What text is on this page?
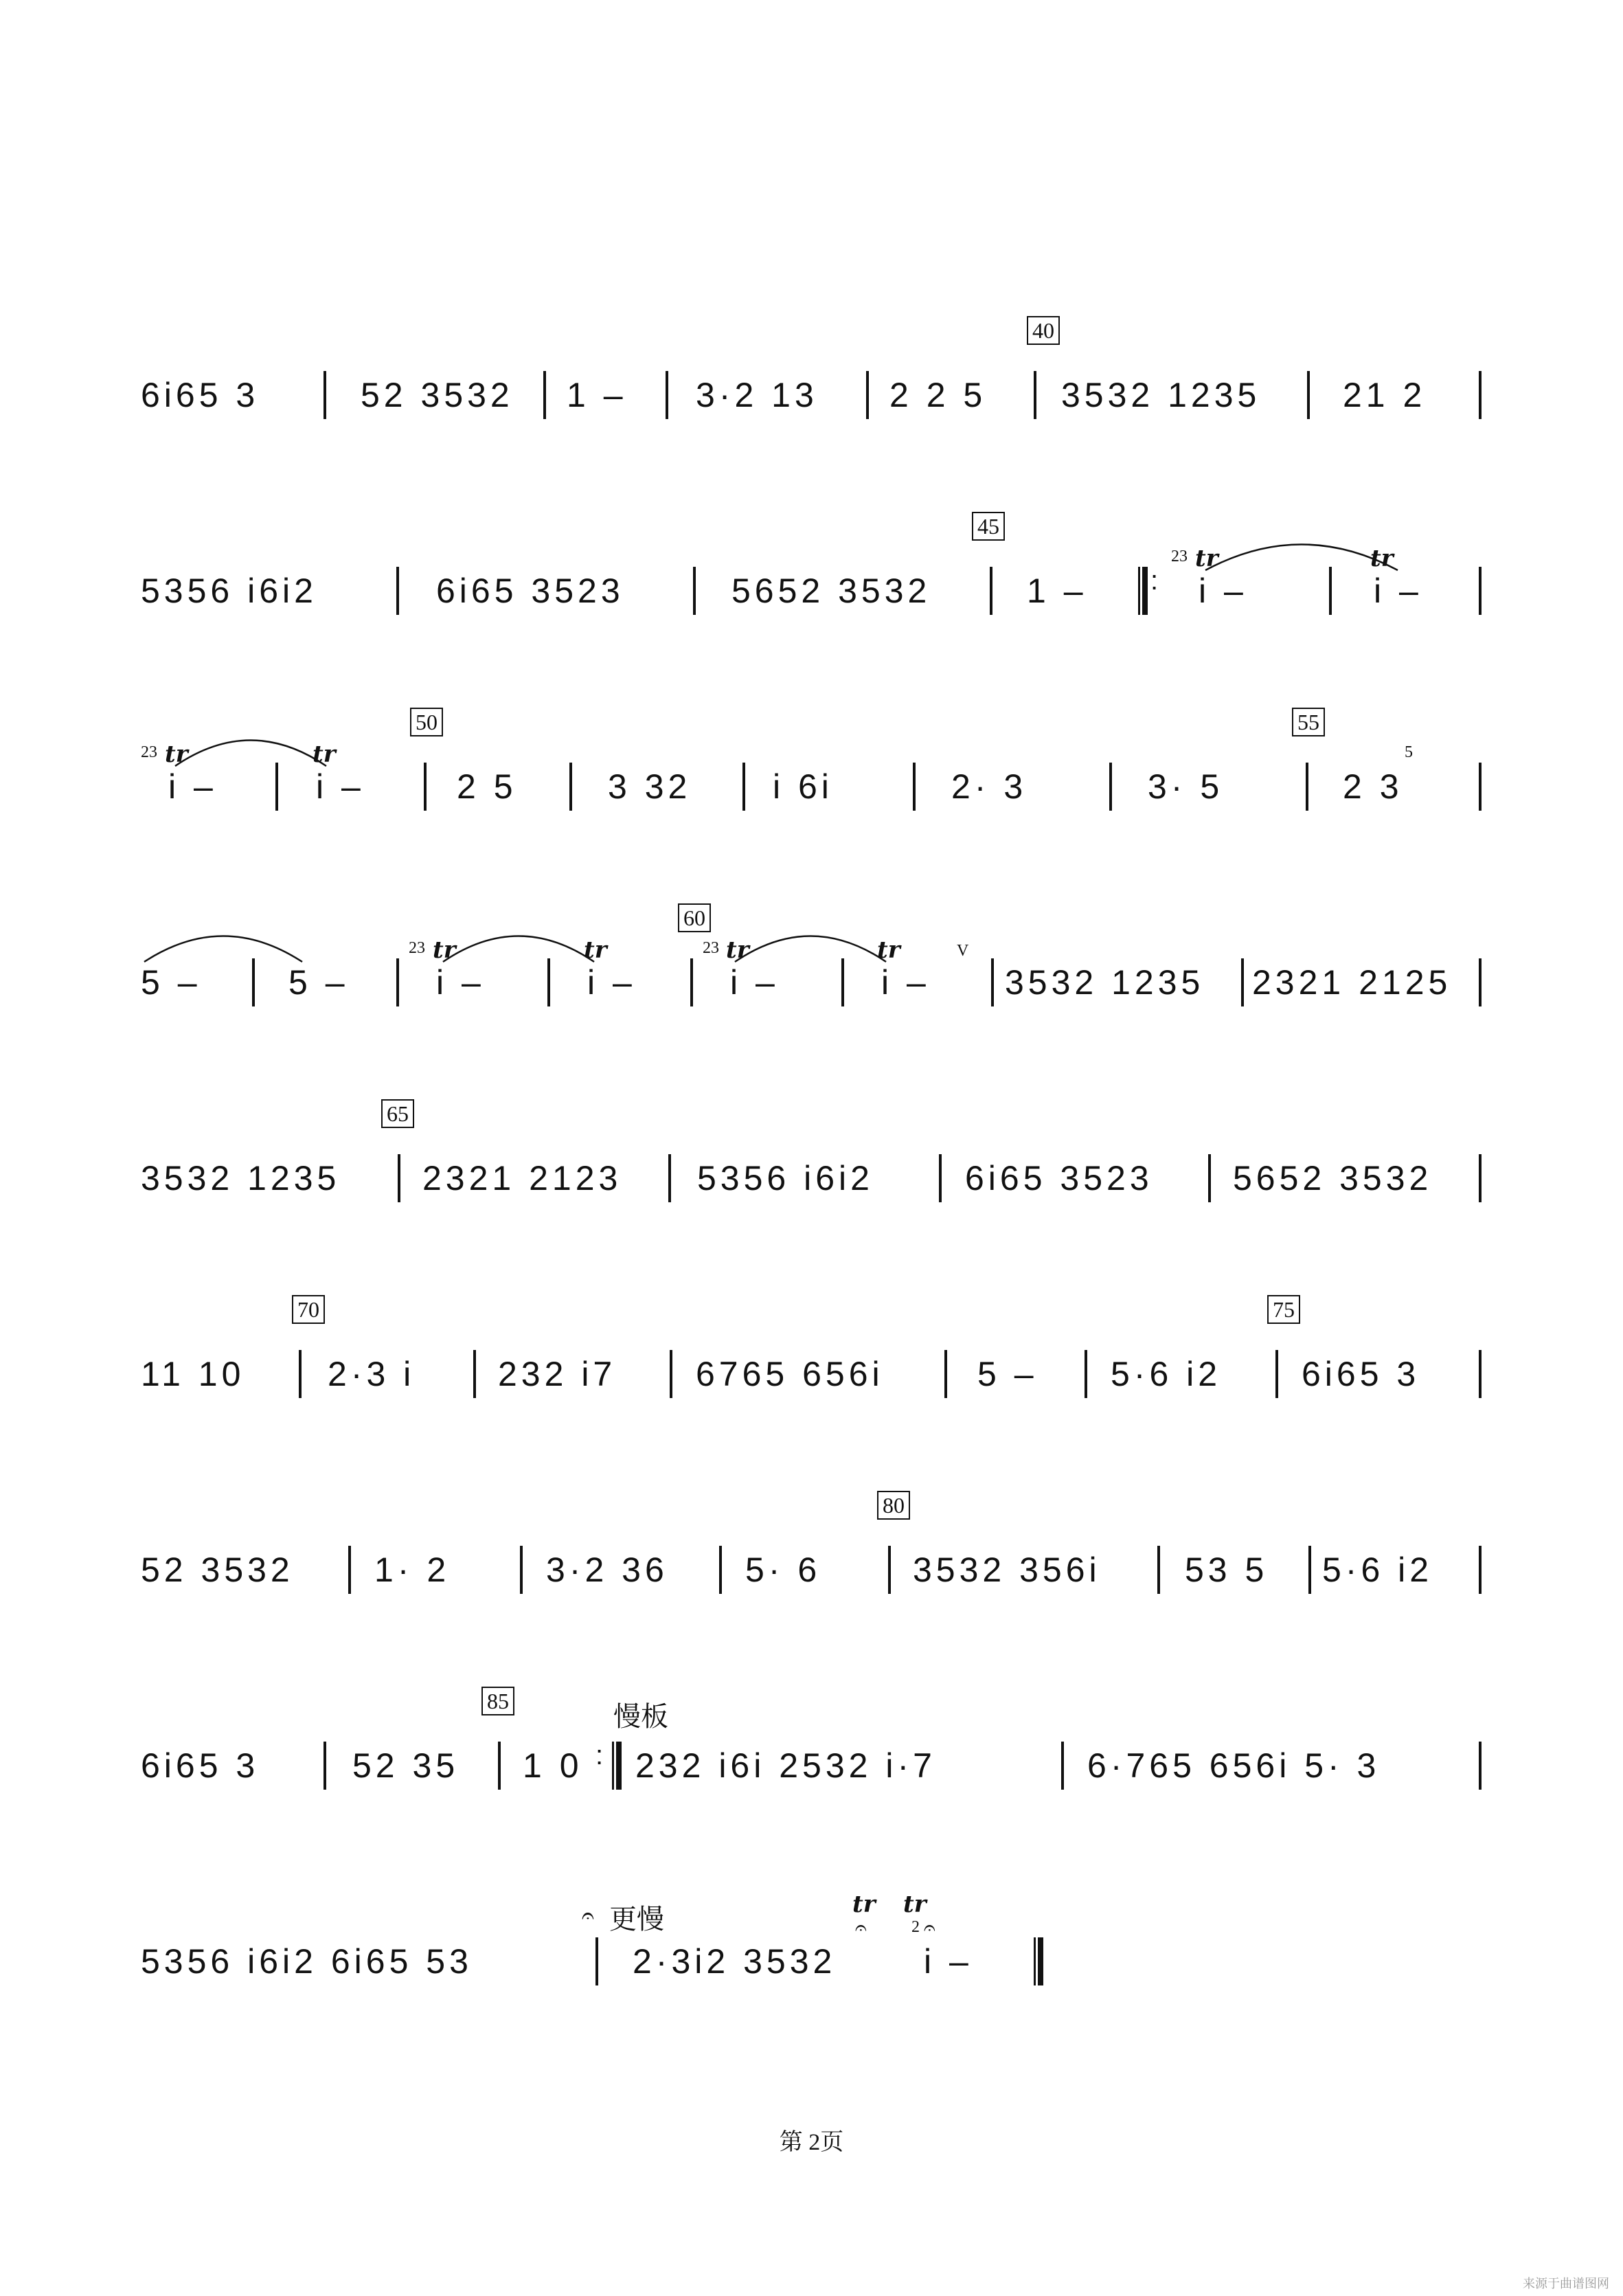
6i65 3	52 3532 1 – 3·2 13 2 2 5
40
3532 1235 21 2
5356 i6i2	6i65 3523	5652 3532
45
1 – :
23 tr
i –
tr
i –
23 tr
i –
tr
i –
50
2 5	3 32 i 6i	2· 3	3· 5
55
5
2 3
5 –	5 –
23 tr
i –
tr
i –
60
23 tr
i –
tr
i –
V
3532 1235 2321 2125
3532 1235
65
2321 2123 5356 i6i2	6i65 3523 5652 3532
11 10
70
2·3 i 232 i7 6765 656i	5 – 5·6 i2
75
6i65 3
52 3532 1· 2	3·2 36 5· 6
80
3532 356i 53 5 5·6 i2
6i65 3	52 35
85
1 0 :
慢板
232 i6i 2532 i·7	6·765 656i 5· 3
5356 i6i2 6i65 53
𝄐 更慢
2·3i2 3532
tr
𝄐
tr
2 𝄐
i –
第 2页
来源于曲谱图网
